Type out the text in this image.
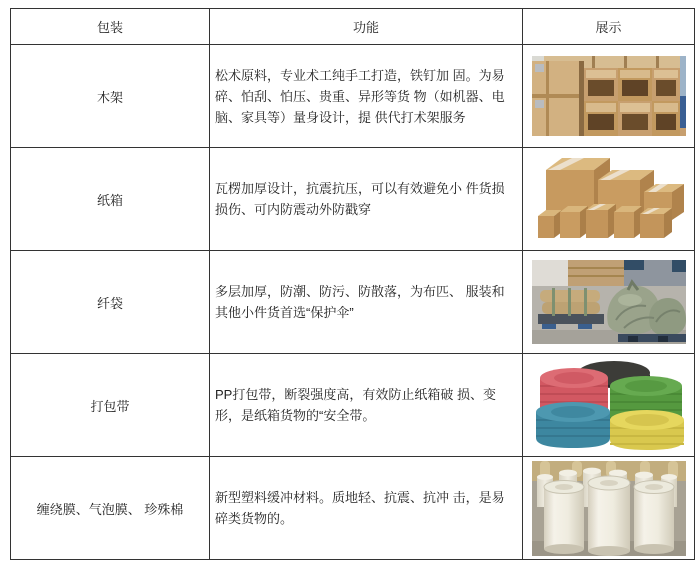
包装	功能	展示
木架	松术原料，专业术工纯手工打造，铁钉加 固。为易碎、怕刮、怕压、贵重、异形等货 物（如机器、电脑、家具等）量身设计，提 供代打术架服务	
纸箱	瓦楞加厚设计，抗震抗压，可以有效避免小 件货损损伤、可内防震动外防戳穿	
纤袋	多层加厚，防潮、防污、防散落，为布匹、 服装和其他小件货首选“保护伞”	
打包带	PP打包带，断裂强度高，有效防止纸箱破 损、变形，是纸箱货物的“安全带。	
缠绕膜、气泡膜、 珍殊棉	新型塑料缓冲材料。质地轻、抗震、抗冲 击，是易碎类货物的。	
